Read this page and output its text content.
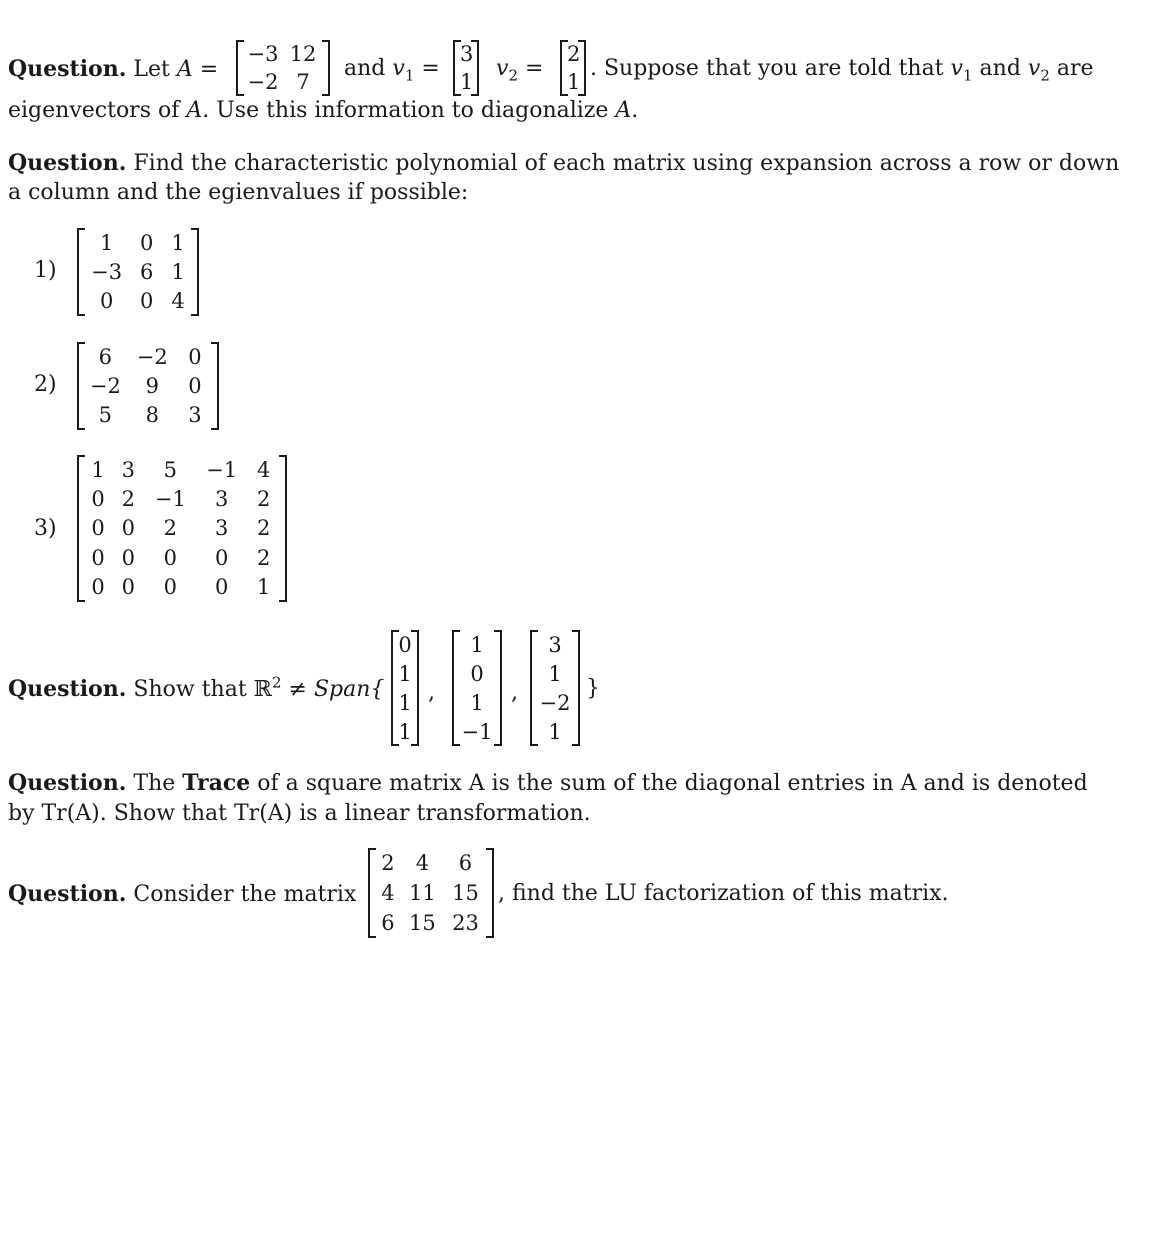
Question. Let A =
−3 12
−2 7
and $v_1$ =
3
1
$v_2$ =
2
1
. Suppose that you are told that $v_1$ and $v_2$ are
eigenvectors of A. Use this information to diagonalize A.
Question. Find the characteristic polynomial of each matrix using expansion across a row or down
a column and the egienvalues if possible:
1)
1	0 1
−3 6 1
0	0 4
2)
6	−2 0
−2	9	0
5	8	3
3)
1 3	5	−1 4
0 2 −1	3	2
0 0	2	3	2
0 0	0	0	2
0 0	0	0	1
Question. Show that ℝ$^2$ ≠ Span{
0
1
1
1
,
1
0
1
−1
,
3
1
−2
1
}
Question. The Trace of a square matrix A is the sum of the diagonal entries in A and is denoted
by Tr(A). Show that Tr(A) is a linear transformation.
Question. Consider the matrix
2	4	6
4 11 15
6 15 23
, find the LU factorization of this matrix.
